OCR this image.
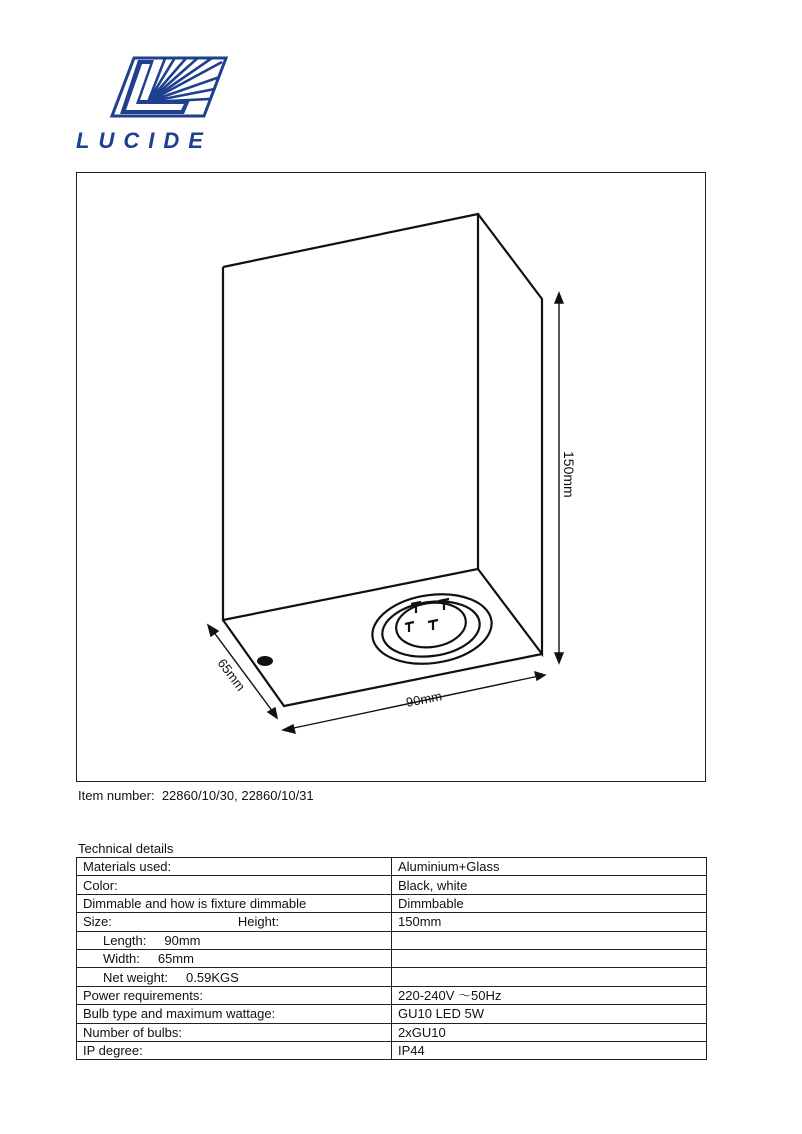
LUCIDE
150mm
90mm
65mm
Item number: 22860/10/30, 22860/10/31
Technical details
Materials used:	Aluminium+Glass
Color:	Black, white
Dimmable and how is fixture dimmable	Dimmbable
Size: Height:	150mm
Length: 90mm	
Width: 65mm	
Net weight: 0.59KGS	
Power requirements:	220-240V ～50Hz
Bulb type and maximum wattage:	GU10 LED 5W
Number of bulbs:	2xGU10
IP degree:	IP44
